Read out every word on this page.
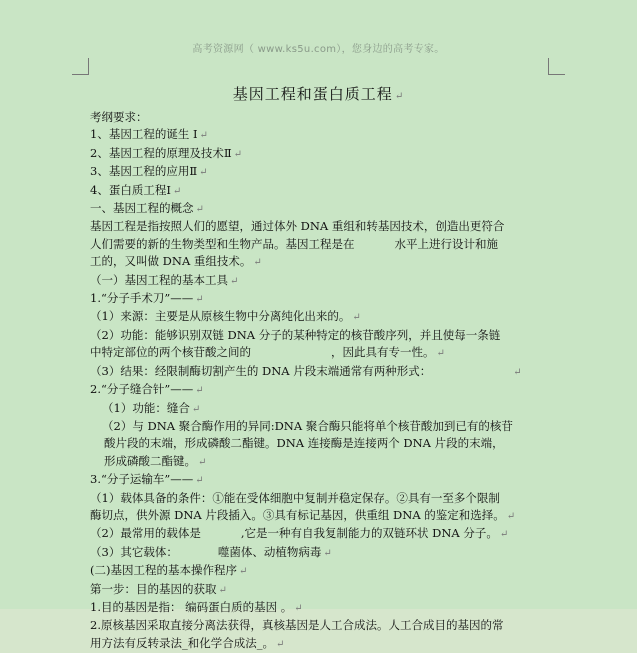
高考资源网（ www.ks5u.com），您身边的高考专家。
基因工程和蛋白质工程 ↵

考纲要求：

1、基因工程的诞生 Ⅰ ↵

2、基因工程的原理及技术Ⅱ ↵

3、基因工程的应用Ⅱ ↵

4、蛋白质工程Ⅰ ↵

一、基因工程的概念 ↵

基因工程是指按照人们的愿望，通过体外 DNA 重组和转基因技术，创造出更符合

人们需要的新的生物类型和生物产品。基因工程是在	水平上进行设计和施

工的，又叫做 DNA 重组技术。 ↵

（一）基因工程的基本工具 ↵

1.“分子手术刀”—— ↵

（1）来源：主要是从原核生物中分离纯化出来的。 ↵

（2）功能：能够识别双链 DNA 分子的某种特定的核苷酸序列，并且使每一条链

中特定部位的两个核苷酸之间的	，因此具有专一性。 ↵

（3）结果：经限制酶切割产生的 DNA 片段末端通常有两种形式：	↵

2.“分子缝合针”—— ↵

（1）功能：缝合 ↵

（2）与 DNA 聚合酶作用的异同:DNA 聚合酶只能将单个核苷酸加到已有的核苷

酸片段的末端，形成磷酸二酯键。DNA 连接酶是连接两个 DNA 片段的末端，

形成磷酸二酯键。 ↵

3.“分子运输车”—— ↵

（1）载体具备的条件：①能在受体细胞中复制并稳定保存。②具有一至多个限制

酶切点，供外源 DNA 片段插入。③具有标记基因，供重组 DNA 的鉴定和选择。 ↵

（2）最常用的载体是	,它是一种有自我复制能力的双链环状 DNA 分子。 ↵

（3）其它载体：	噬菌体、动植物病毒 ↵

(二)基因工程的基本操作程序 ↵

第一步：目的基因的获取 ↵

1.目的基因是指： 编码蛋白质的基因 。 ↵

2.原核基因采取直接分离法获得，真核基因是人工合成法。人工合成目的基因的常

用方法有反转录法_和化学合成法_。 ↵
